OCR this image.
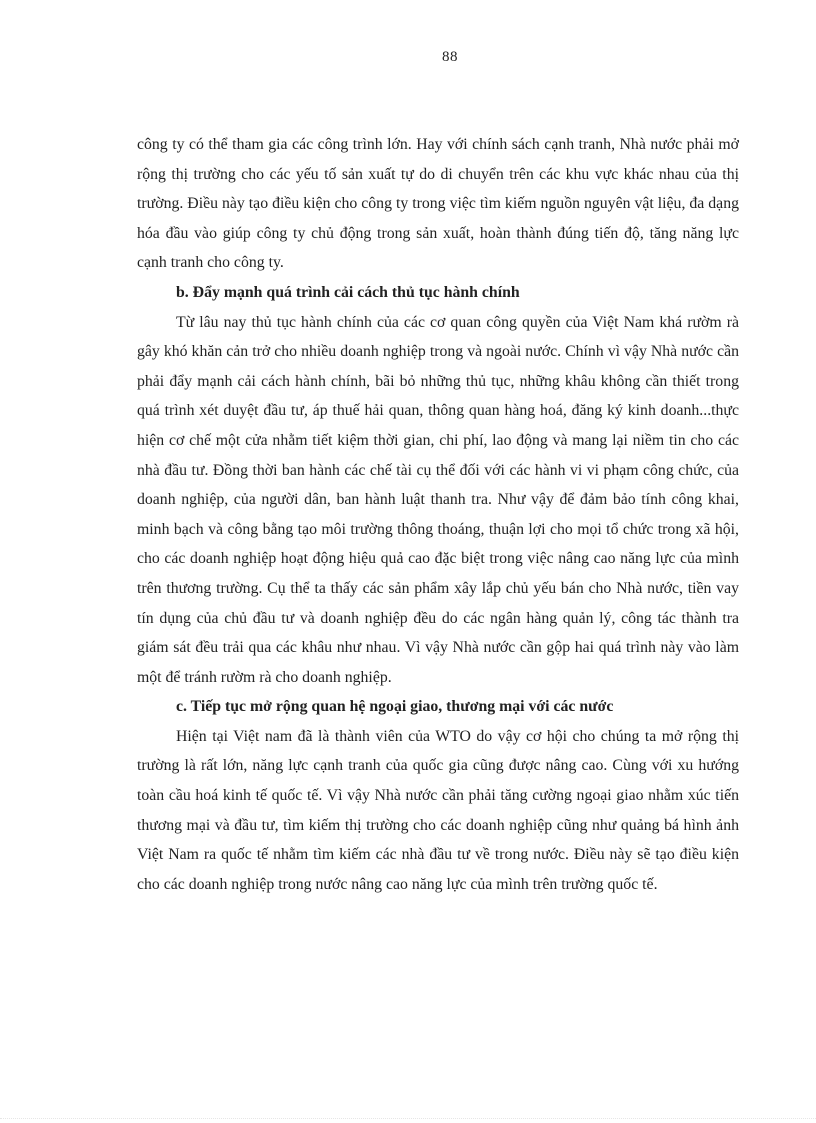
88

công ty có thể tham gia các công trình lớn. Hay với chính sách cạnh tranh, Nhà nước phải mở rộng thị trường cho các yếu tố sản xuất tự do di chuyển trên các khu vực khác nhau của thị trường. Điều này tạo điều kiện cho công ty trong việc tìm kiếm nguồn nguyên vật liệu, đa dạng hóa đầu vào giúp công ty chủ động trong sản xuất, hoàn thành đúng tiến độ, tăng năng lực cạnh tranh cho công ty.

b. Đẩy mạnh quá trình cải cách thủ tục hành chính

Từ lâu nay thủ tục hành chính của các cơ quan công quyền của Việt Nam khá rườm rà gây khó khăn cản trở cho nhiều doanh nghiệp trong và ngoài nước. Chính vì vậy Nhà nước cần phải đẩy mạnh cải cách hành chính, bãi bỏ những thủ tục, những khâu không cần thiết trong quá trình xét duyệt đầu tư, áp thuế hải quan, thông quan hàng hoá, đăng ký kinh doanh...thực hiện cơ chế một cửa nhằm tiết kiệm thời gian, chi phí, lao động và mang lại niềm tin cho các nhà đầu tư. Đồng thời ban hành các chế tài cụ thể đối với các hành vi vi phạm công chức, của doanh nghiệp, của người dân, ban hành luật thanh tra. Như vậy để đảm bảo tính công khai, minh bạch và công bằng tạo môi trường thông thoáng, thuận lợi cho mọi tổ chức trong xã hội, cho các doanh nghiệp hoạt động hiệu quả cao đặc biệt trong việc nâng cao năng lực của mình trên thương trường. Cụ thể ta thấy các sản phẩm xây lắp chủ yếu bán cho Nhà nước, tiền vay tín dụng của chủ đầu tư và doanh nghiệp đều do các ngân hàng quản lý, công tác thành tra giám sát đều trải qua các khâu như nhau. Vì vậy Nhà nước cần gộp hai quá trình này vào làm một để tránh rườm rà cho doanh nghiệp.

c. Tiếp tục mở rộng quan hệ ngoại giao, thương mại với các nước

Hiện tại Việt nam đã là thành viên của WTO do vậy cơ hội cho chúng ta mở rộng thị trường là rất lớn, năng lực cạnh tranh của quốc gia cũng được nâng cao. Cùng với xu hướng toàn cầu hoá kinh tế quốc tế. Vì vậy Nhà nước cần phải tăng cường ngoại giao nhằm xúc tiến thương mại và đầu tư, tìm kiếm thị trường cho các doanh nghiệp cũng như quảng bá hình ảnh Việt Nam ra quốc tế nhằm tìm kiếm các nhà đầu tư về trong nước. Điều này sẽ tạo điều kiện cho các doanh nghiệp trong nước nâng cao năng lực của mình trên trường quốc tế.
